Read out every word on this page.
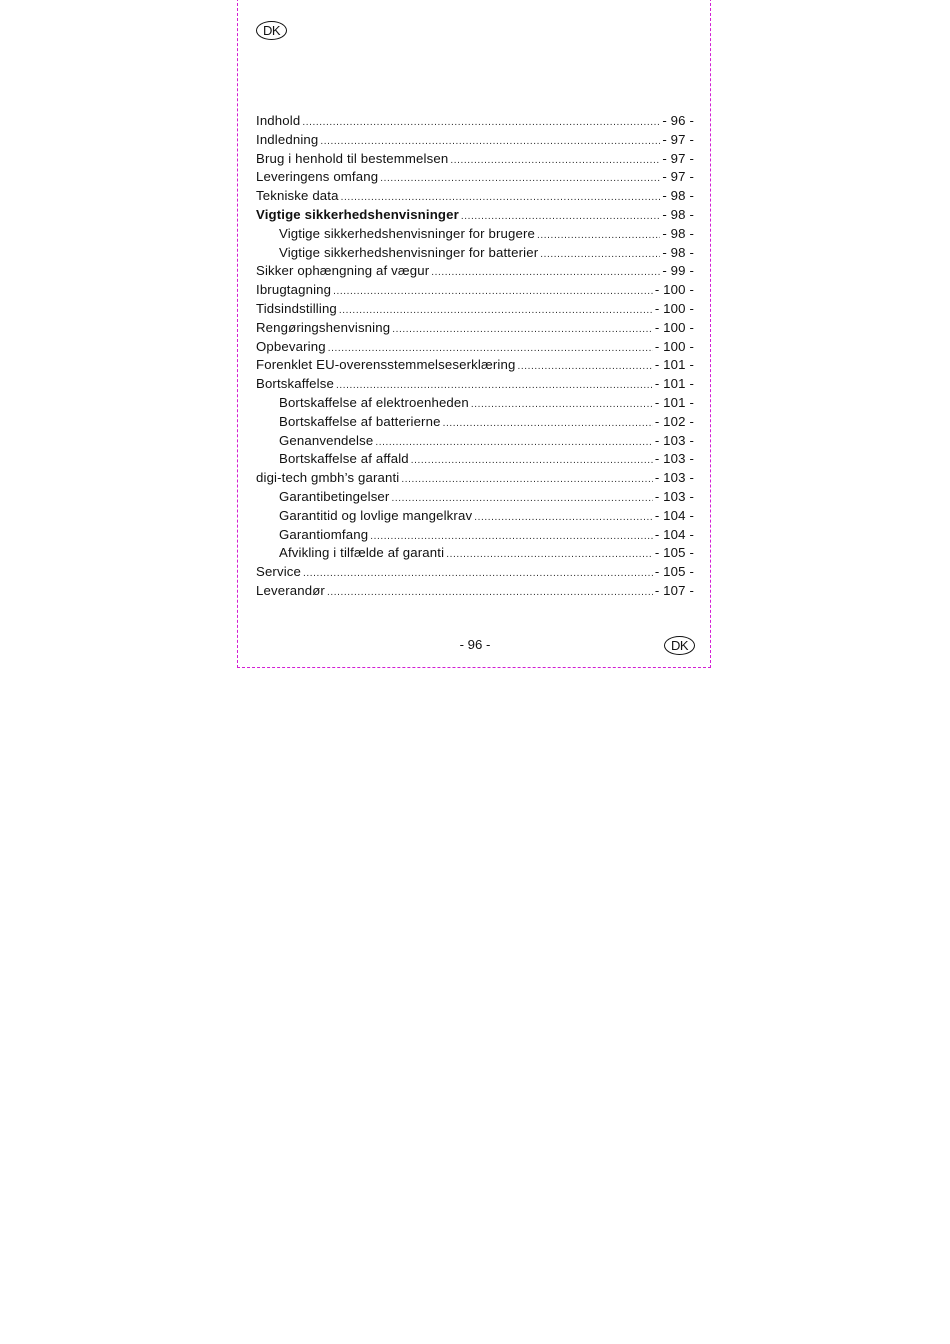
DK
Indhold .....	- 96 -
Indledning .....	- 97 -
Brug i henhold til bestemmelsen .....	- 97 -
Leveringens omfang .....	- 97 -
Tekniske data .....	- 98 -
Vigtige sikkerhedshenvisninger .....	- 98 -
Vigtige sikkerhedshenvisninger for brugere .....	- 98 -
Vigtige sikkerhedshenvisninger for batterier .....	- 98 -
Sikker ophængning af vægur .....	- 99 -
Ibrugtagning .....	- 100 -
Tidsindstilling .....	- 100 -
Rengøringshenvisning .....	- 100 -
Opbevaring .....	- 100 -
Forenklet EU-overensstemmelseserklæring .....	- 101 -
Bortskaffelse .....	- 101 -
Bortskaffelse af elektroenheden .....	- 101 -
Bortskaffelse af batterierne .....	- 102 -
Genanvendelse .....	- 103 -
Bortskaffelse af affald .....	- 103 -
digi-tech gmbh’s garanti .....	- 103 -
Garantibetingelser .....	- 103 -
Garantitid og lovlige mangelkrav .....	- 104 -
Garantiomfang .....	- 104 -
Afvikling i tilfælde af garanti .....	- 105 -
Service .....	- 105 -
Leverandør .....	- 107 -
- 96 -	DK
